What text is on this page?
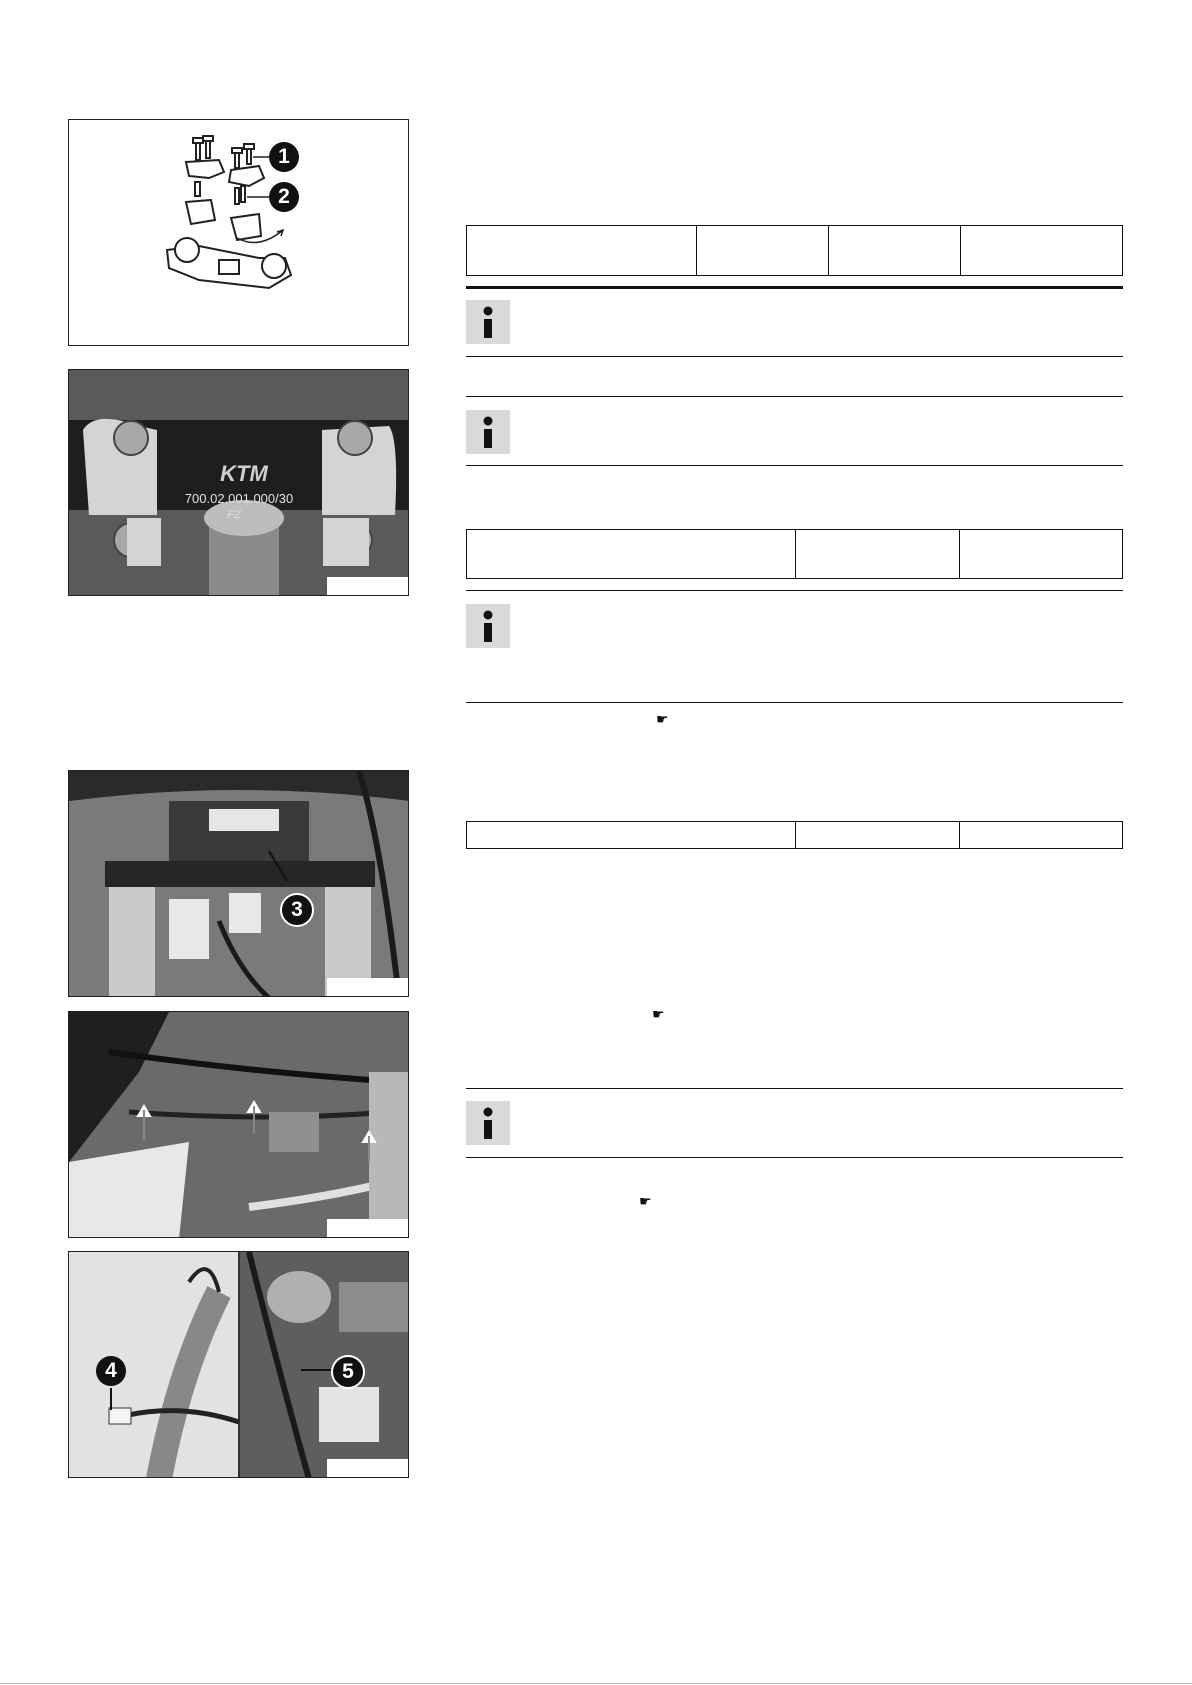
1
2
KTM
700.02.001.000/30
FZ
3
4	5

☛

☛
☛
